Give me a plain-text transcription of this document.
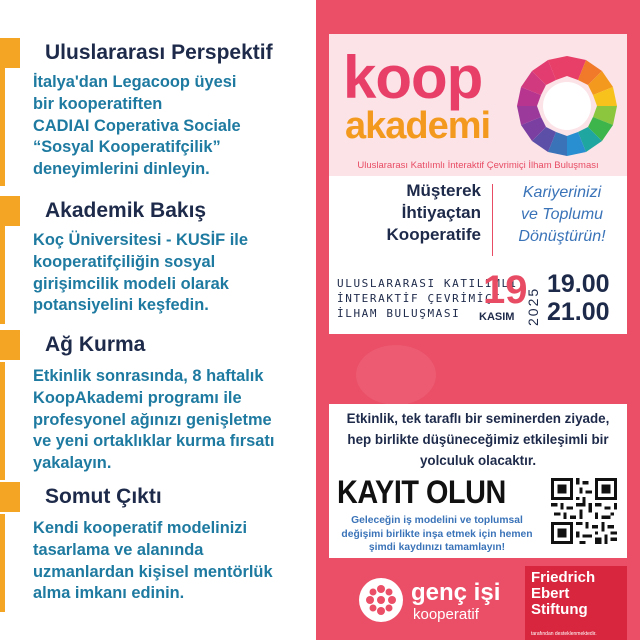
Uluslararası Perspektif
İtalya'dan Legacoop üyesi
bir kooperatiften
CADIAI Coperativa Sociale
“Sosyal Kooperatifçilik”
deneyimlerini dinleyin.
Akademik Bakış
Koç Üniversitesi - KUSİF ile
kooperatifçiliğin sosyal
girişimcilik modeli olarak
potansiyelini keşfedin.
Ağ Kurma
Etkinlik sonrasında, 8 haftalık
KoopAkademi programı ile
profesyonel ağınızı genişletme
ve yeni ortaklıklar kurma fırsatı
yakalayın.
Somut Çıktı
Kendi kooperatif modelinizi
tasarlama ve alanında
uzmanlardan kişisel mentörlük
alma imkanı edinin.
koop
akademi
Uluslararası Katılımlı İnteraktif Çevrimiçi İlham Buluşması
Müşterek
İhtiyaçtan
Kooperatife
Kariyerinizi
ve Toplumu
Dönüştürün!
ULUSLARARASI KATILIMLI
İNTERAKTİF ÇEVRİMİÇİ
İLHAM BULUŞMASI
19
KASIM 2025
19.00
21.00
Etkinlik, tek taraflı bir seminerden ziyade, hep birlikte düşüneceğimiz etkileşimli bir yolculuk olacaktır.
KAYIT OLUN
Geleceğin iş modelini ve toplumsal değişimi birlikte inşa etmek için hemen şimdi kaydınızı tamamlayın!
genç işi
kooperatif
Friedrich
Ebert
Stiftung
tarafından desteklenmektedir.
